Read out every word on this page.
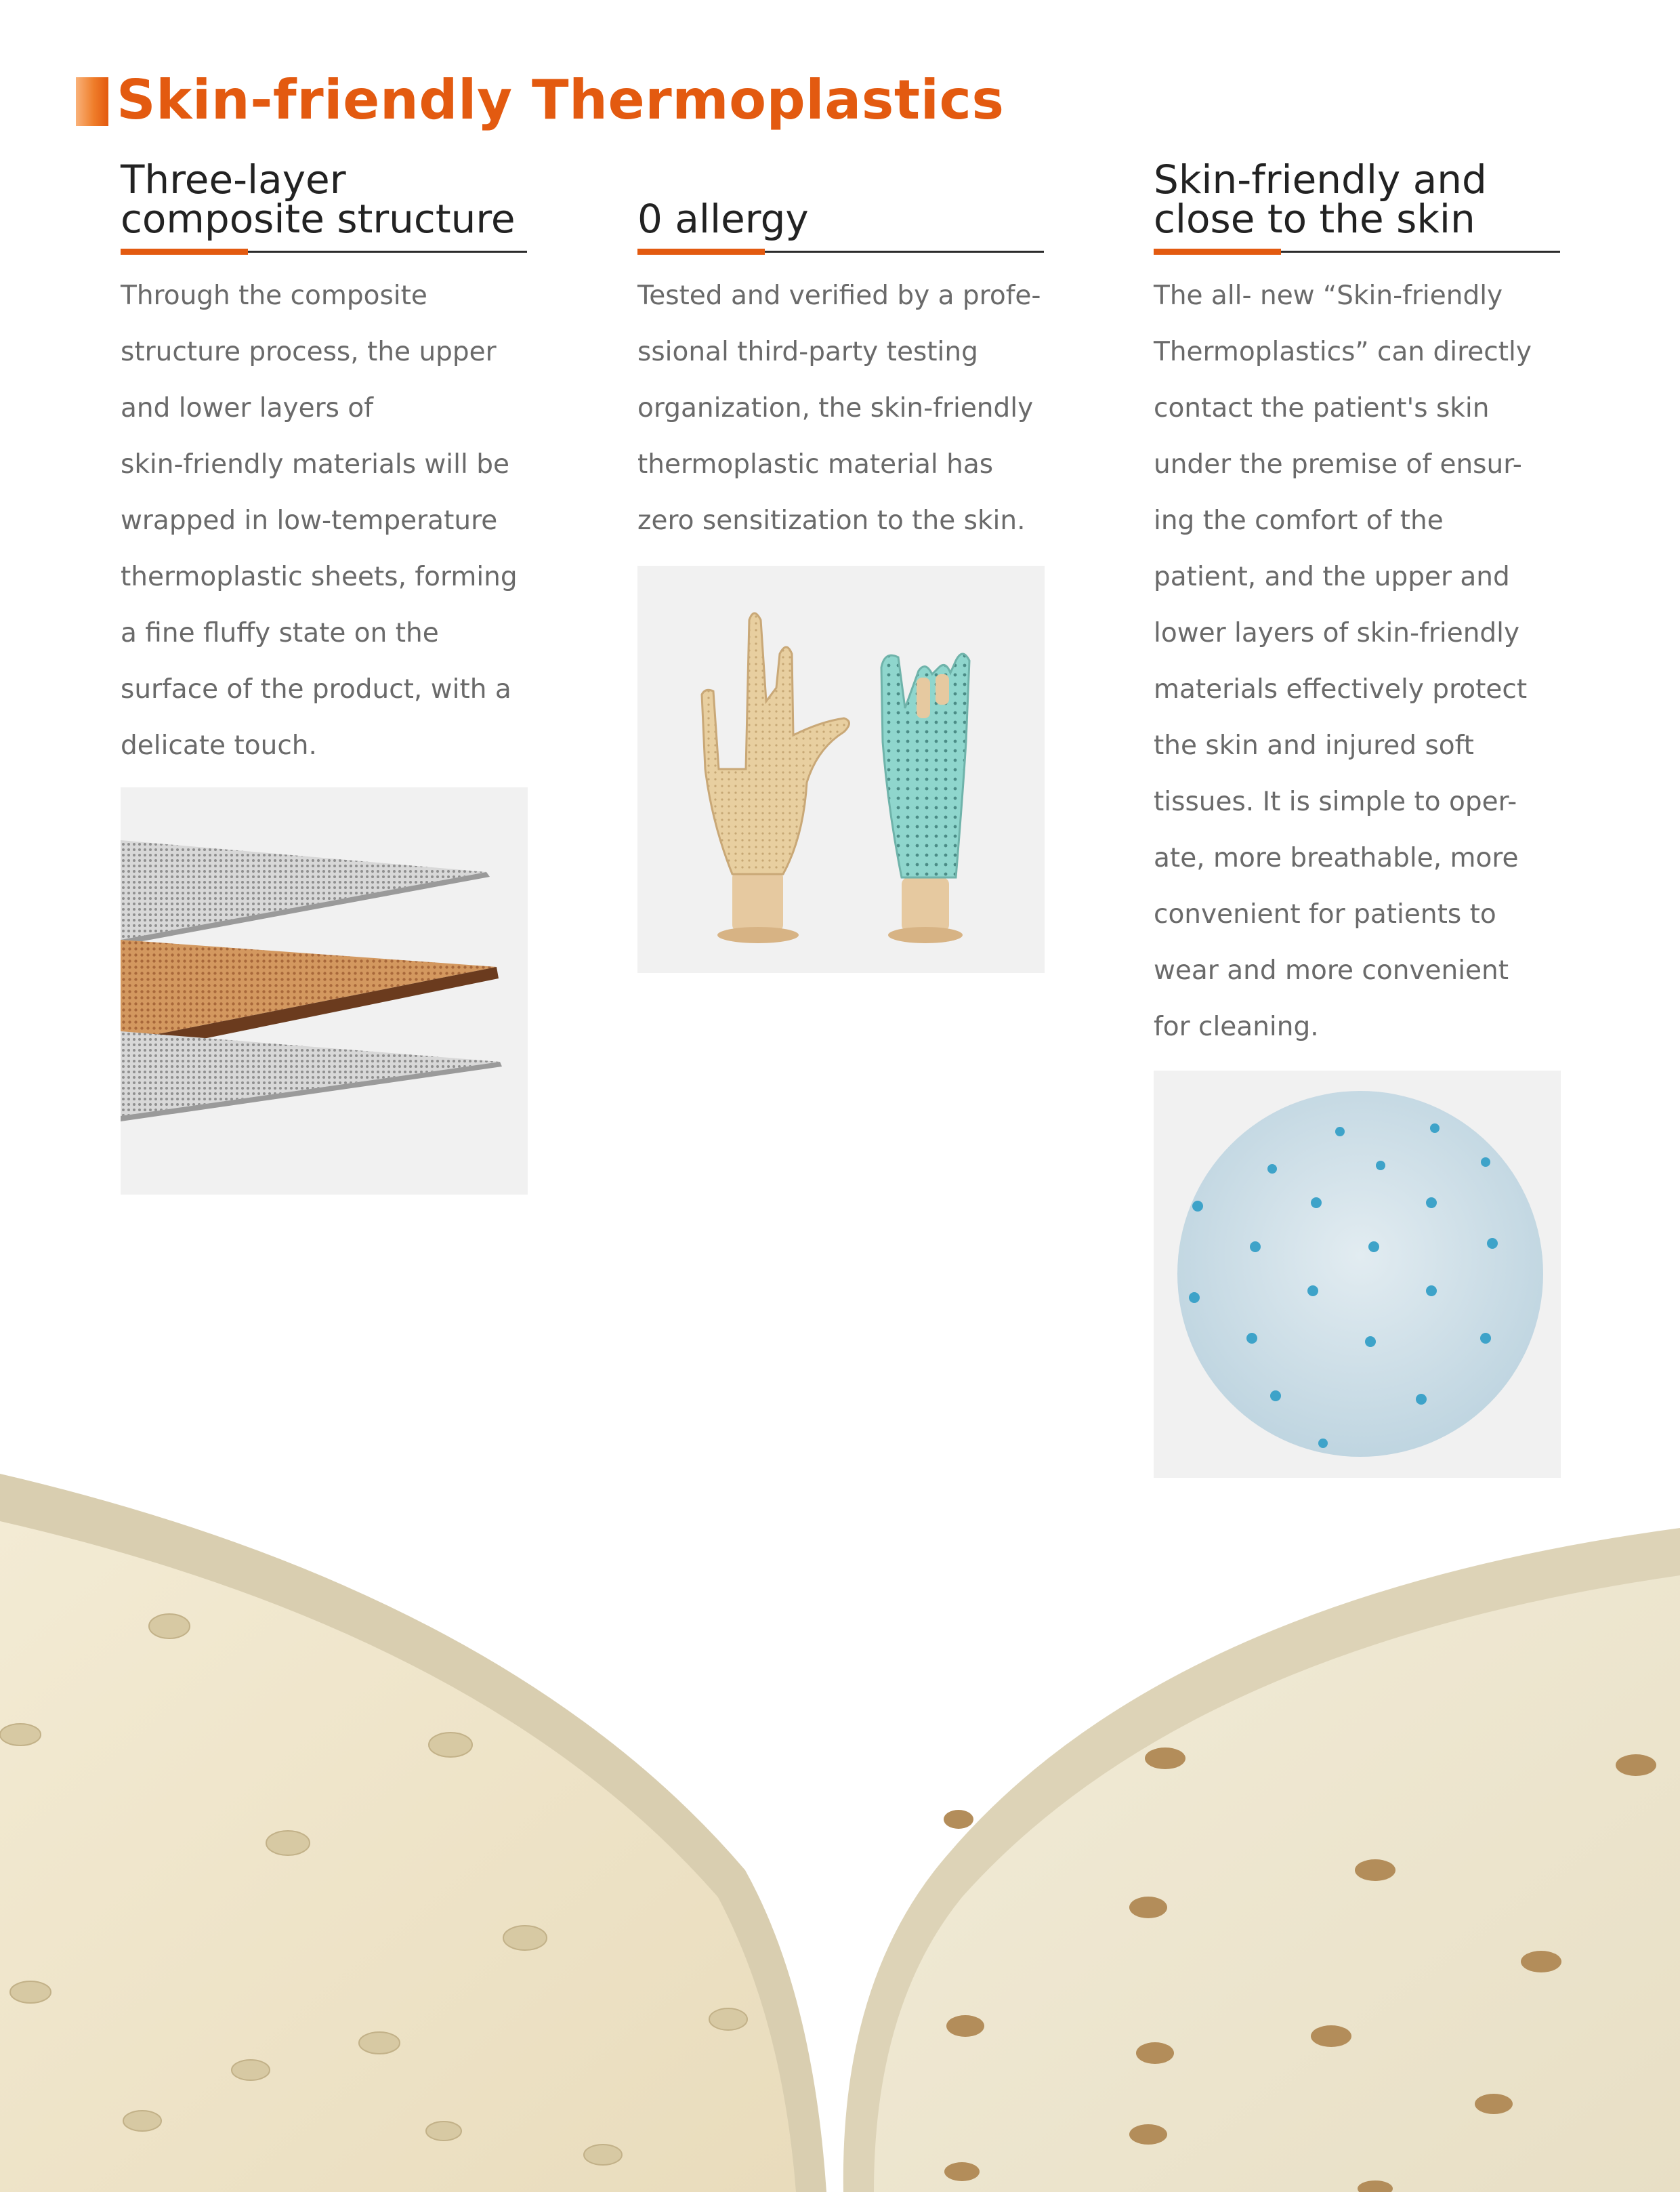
Skin-friendly Thermoplastics
Three-layer
composite structure
Through the composite
structure process, the upper
and lower layers of
skin-friendly materials will be
wrapped in low-temperature
thermoplastic sheets, forming
a fine fluffy state on the
surface of the product, with a
delicate touch.
0 allergy
Tested and verified by a profe-
ssional third-party testing
organization, the skin-friendly
thermoplastic material has
zero sensitization to the skin.
Skin-friendly and
close to the skin
The all- new “Skin-friendly
Thermoplastics” can directly
contact the patient's skin
under the premise of ensur-
ing the comfort of the
patient, and the upper and
lower layers of skin-friendly
materials effectively protect
the skin and injured soft
tissues. It is simple to oper-
ate, more breathable, more
convenient for patients to
wear and more convenient
for cleaning.
